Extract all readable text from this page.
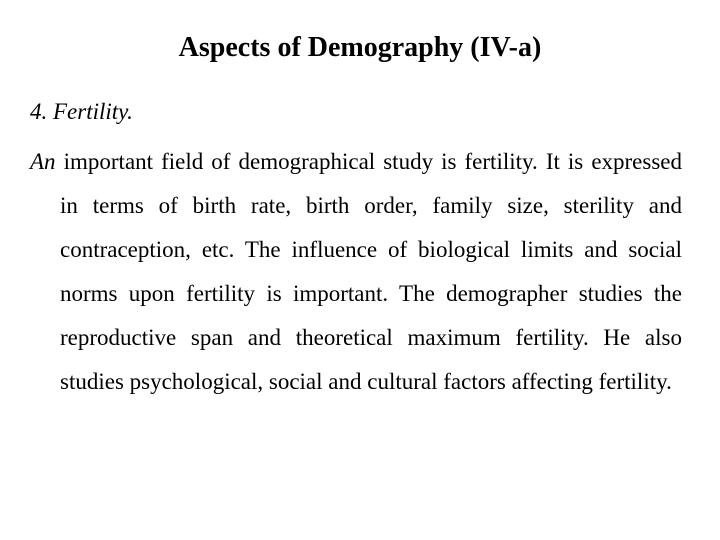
Aspects of Demography (IV-a)

4. Fertility.

An important field of demographical study is fertility. It is expressed in terms of birth rate, birth order, family size, sterility and contraception, etc. The influence of biological limits and social norms upon fertility is important. The demographer studies the reproductive span and theoretical maximum fertility. He also studies psychological, social and cultural factors affecting fertility.
